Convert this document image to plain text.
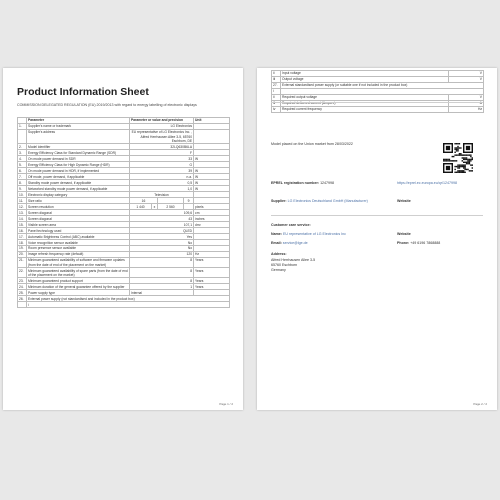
Product Information Sheet
COMMISSION DELEGATED REGULATION (EU) 2019/2013 with regard to energy labelling of electronic displays
	Parameter	Parameter or value and precision				Unit
1.	Supplier's name or trademark	LG Electronics				
	Supplier's address	EU representative of LG Electronics Inc. , Alfred Herrhausen Allee 3-5, 65760 Eschborn, DE				
2.	Model identifier	32LQ630B6LA				
3.	Energy Efficiency Class for Standard Dynamic Range (SDR)	F				
4.	On mode power demand in SDR	33				W
5.	Energy Efficiency Class for High Dynamic Range (HDR)	G				
6.	On mode power demand in HDR, if implemented	39				W
7.	Off mode, power demand, if applicable	n.a.				W
8.	Standby mode power demand, if applicable	0,5				W
9.	Networked standby mode power demand, if applicable	1,0				W
10.	Electronic display category	Television				
11.	Size ratio	16			9	
12.	Screen resolution	1 440	x	2 560		pixels
13.	Screen diagonal	109,6				cm
14.	Screen diagonal	43				inches
15.	Visible screen area	107,1				dm²
16.	Panel technology used	QLED				
17.	Automatic Brightness Control (ABC) available	Yes				
18.	Voice recognition sensor available	No				
19.	Room presence sensor available	No				
20.	Image refresh frequency rate (default)	120				Hz
21.	Minimum guaranteed availability of software and firmware updates (from the date of end of the placement on the market)	8				Years
22.	Minimum guaranteed availability of spare parts (from the date of end of the placement on the market)	8				Years
23.	Minimum guaranteed product support	8				Years
24.	Minimum duration of the general guarantee offered by the supplier	1				Years
25.	Power supply type	Internal				
26.	External power supply (not standardised and included in the product box)					
	i					
Page 1 / 2
ii	Input voltage	V
iii	Output voltage	V
27.	External standardised power supply (or suitable one if not included in the product box)	
i		
ii	Required output voltage	V
iii	Required delivered current (Ampere)	A
iv	Required current frequency	Hz
Model placed on the Union market from 28/03/2022
EPREL registration number: 1247998	https://eprel.ec.europa.eu/qr/1247998
Supplier: LG Electronics Deutschland GmbH (Manufacturer)	Website
Customer care service:
Name: EU representative of LG Electronics Inc	Website
Email: service@lge.de	Phone: +49 6196 7868888
Address:
Alfred Herrhausen Allee 3-5
65760 Eschborn
Germany
Page 2 / 2
